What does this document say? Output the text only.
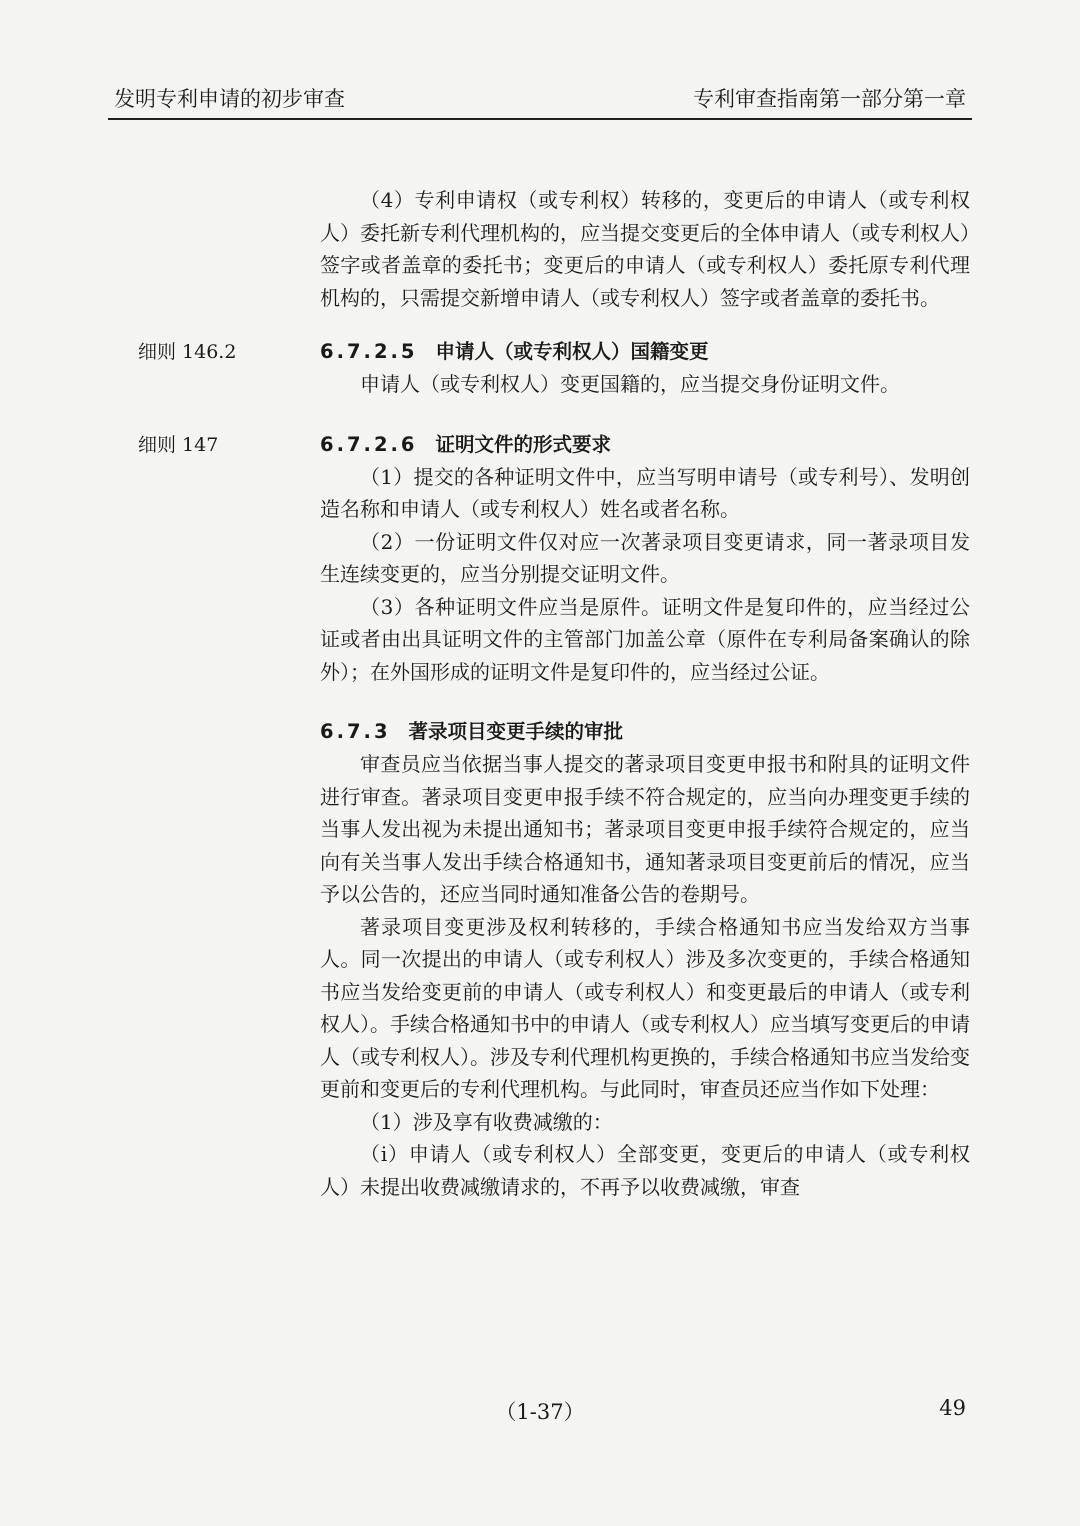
发明专利申请的初步审查	专利审查指南第一部分第一章

（4）专利申请权（或专利权）转移的，变更后的申请人（或专利权人）委托新专利代理机构的，应当提交变更后的全体申请人（或专利权人）签字或者盖章的委托书；变更后的申请人（或专利权人）委托原专利代理机构的，只需提交新增申请人（或专利权人）签字或者盖章的委托书。

细则 146.2	6.7.2.5 申请人（或专利权人）国籍变更

申请人（或专利权人）变更国籍的，应当提交身份证明文件。

细则 147	6.7.2.6 证明文件的形式要求

（1）提交的各种证明文件中，应当写明申请号（或专利号）、发明创造名称和申请人（或专利权人）姓名或者名称。

（2）一份证明文件仅对应一次著录项目变更请求，同一著录项目发生连续变更的，应当分别提交证明文件。

（3）各种证明文件应当是原件。证明文件是复印件的，应当经过公证或者由出具证明文件的主管部门加盖公章（原件在专利局备案确认的除外）；在外国形成的证明文件是复印件的，应当经过公证。

6.7.3 著录项目变更手续的审批

审查员应当依据当事人提交的著录项目变更申报书和附具的证明文件进行审查。著录项目变更申报手续不符合规定的，应当向办理变更手续的当事人发出视为未提出通知书；著录项目变更申报手续符合规定的，应当向有关当事人发出手续合格通知书，通知著录项目变更前后的情况，应当予以公告的，还应当同时通知准备公告的卷期号。

著录项目变更涉及权利转移的，手续合格通知书应当发给双方当事人。同一次提出的申请人（或专利权人）涉及多次变更的，手续合格通知书应当发给变更前的申请人（或专利权人）和变更最后的申请人（或专利权人）。手续合格通知书中的申请人（或专利权人）应当填写变更后的申请人（或专利权人）。涉及专利代理机构更换的，手续合格通知书应当发给变更前和变更后的专利代理机构。与此同时，审查员还应当作如下处理：

（1）涉及享有收费减缴的：

（i）申请人（或专利权人）全部变更，变更后的申请人（或专利权人）未提出收费减缴请求的，不再予以收费减缴，审查

（1-37）	49
